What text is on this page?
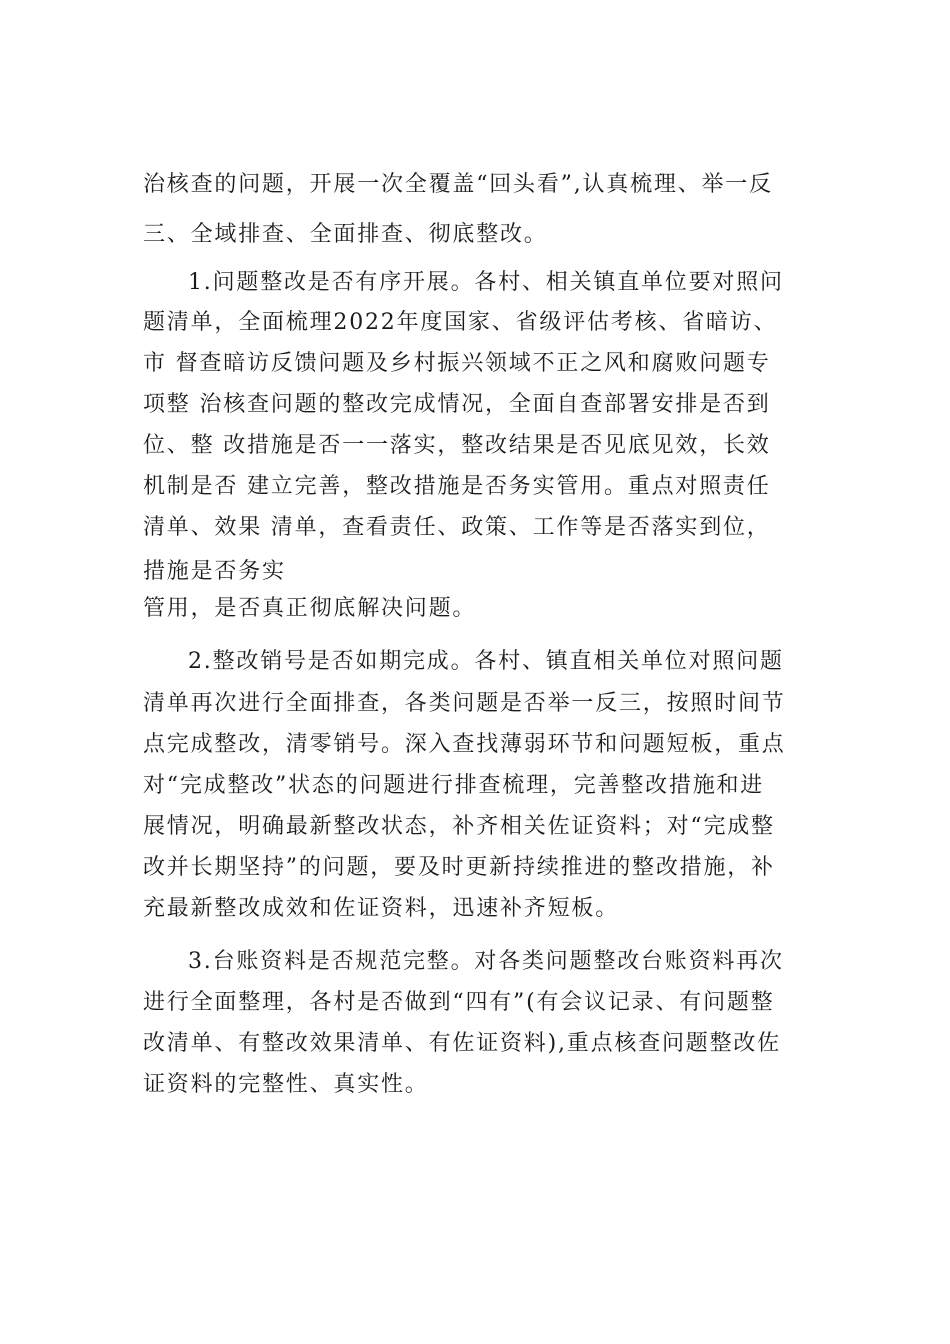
治核查的问题，开展一次全覆盖“回头看”,认真梳理、举一反
三、全域排查、全面排查、彻底整改。
1.问题整改是否有序开展。各村、相关镇直单位要对照问
题清单，全面梳理2022年度国家、省级评估考核、省暗访、
市 督查暗访反馈问题及乡村振兴领域不正之风和腐败问题专
项整 治核查问题的整改完成情况，全面自查部署安排是否到
位、整 改措施是否一一落实，整改结果是否见底见效，长效
机制是否 建立完善，整改措施是否务实管用。重点对照责任
清单、效果 清单，查看责任、政策、工作等是否落实到位，
措施是否务实
管用，是否真正彻底解决问题。
2.整改销号是否如期完成。各村、镇直相关单位对照问题
清单再次进行全面排查，各类问题是否举一反三，按照时间节
点完成整改，清零销号。深入查找薄弱环节和问题短板，重点
对“完成整改”状态的问题进行排查梳理，完善整改措施和进
展情况，明确最新整改状态，补齐相关佐证资料；对“完成整
改并长期坚持”的问题，要及时更新持续推进的整改措施，补
充最新整改成效和佐证资料，迅速补齐短板。
3.台账资料是否规范完整。对各类问题整改台账资料再次
进行全面整理，各村是否做到“四有”(有会议记录、有问题整
改清单、有整改效果清单、有佐证资料),重点核查问题整改佐
证资料的完整性、真实性。
